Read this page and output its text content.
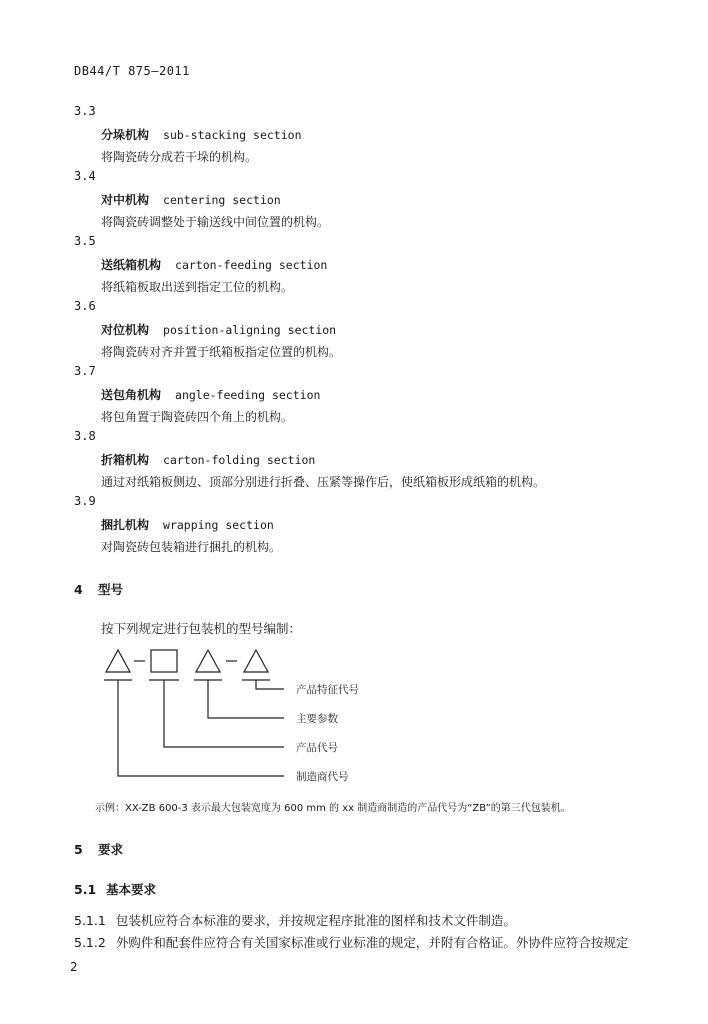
DB44/T 875—2011
3.3
分垛机构 sub-stacking section
将陶瓷砖分成若干垛的机构。
3.4
对中机构 centering section
将陶瓷砖调整处于输送线中间位置的机构。
3.5
送纸箱机构 carton-feeding section
将纸箱板取出送到指定工位的机构。
3.6
对位机构 position-aligning section
将陶瓷砖对齐并置于纸箱板指定位置的机构。
3.7
送包角机构 angle-feeding section
将包角置于陶瓷砖四个角上的机构。
3.8
折箱机构 carton-folding section
通过对纸箱板侧边、顶部分别进行折叠、压紧等操作后，使纸箱板形成纸箱的机构。
3.9
捆扎机构 wrapping section
对陶瓷砖包装箱进行捆扎的机构。
4 型号
按下列规定进行包装机的型号编制：
产品特征代号
主要参数
产品代号
制造商代号
示例：XX-ZB 600-3 表示最大包装宽度为 600 mm 的 xx 制造商制造的产品代号为“ZB”的第三代包装机。
5 要求
5.1 基本要求
5.1.1 包装机应符合本标准的要求，并按规定程序批准的图样和技术文件制造。
5.1.2 外购件和配套件应符合有关国家标准或行业标准的规定，并附有合格证。外协件应符合按规定
2
